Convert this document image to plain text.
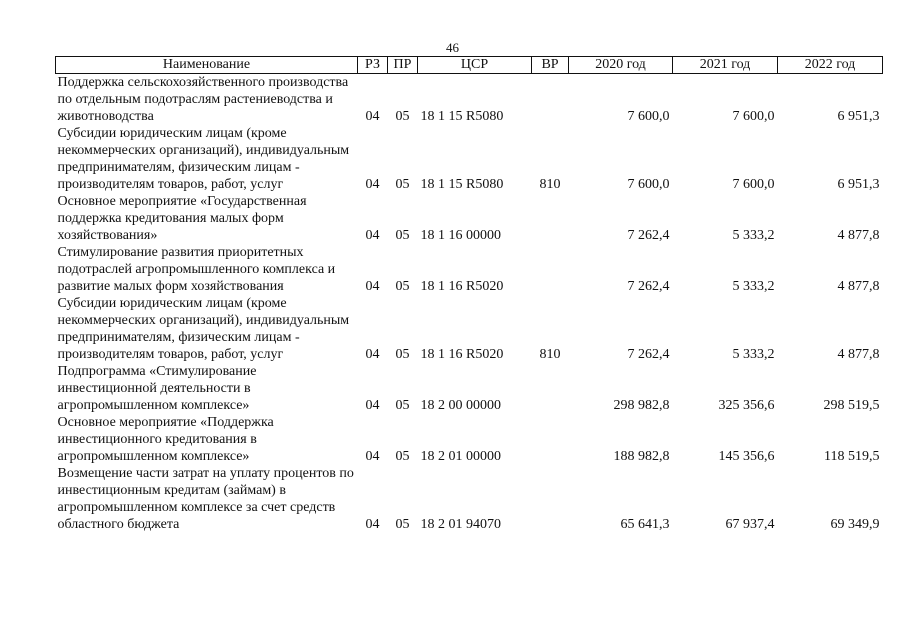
46
Наименование	РЗ	ПР	ЦСР	ВР	2020 год	2021 год	2022 год
Поддержка сельскохозяйственного производства по отдельным подотраслям растениеводства и животноводства	04	05	18 1 15 R5080		7 600,0	7 600,0	6 951,3
Субсидии юридическим лицам (кроме некоммерческих организаций), индивидуальным предпринимателям, физическим лицам - производителям товаров, работ, услуг	04	05	18 1 15 R5080	810	7 600,0	7 600,0	6 951,3
Основное мероприятие «Государственная поддержка кредитования малых форм хозяйствования»	04	05	18 1 16 00000		7 262,4	5 333,2	4 877,8
Стимулирование развития приоритетных подотраслей агропромышленного комплекса и развитие малых форм хозяйствования	04	05	18 1 16 R5020		7 262,4	5 333,2	4 877,8
Субсидии юридическим лицам (кроме некоммерческих организаций), индивидуальным предпринимателям, физическим лицам - производителям товаров, работ, услуг	04	05	18 1 16 R5020	810	7 262,4	5 333,2	4 877,8
Подпрограмма «Стимулирование инвестиционной деятельности в агропромышленном комплексе»	04	05	18 2 00 00000		298 982,8	325 356,6	298 519,5
Основное мероприятие «Поддержка инвестиционного кредитования в агропромышленном комплексе»	04	05	18 2 01 00000		188 982,8	145 356,6	118 519,5
Возмещение части затрат на уплату процентов по инвестиционным кредитам (займам) в агропромышленном комплексе за счет средств областного бюджета	04	05	18 2 01 94070		65 641,3	67 937,4	69 349,9
